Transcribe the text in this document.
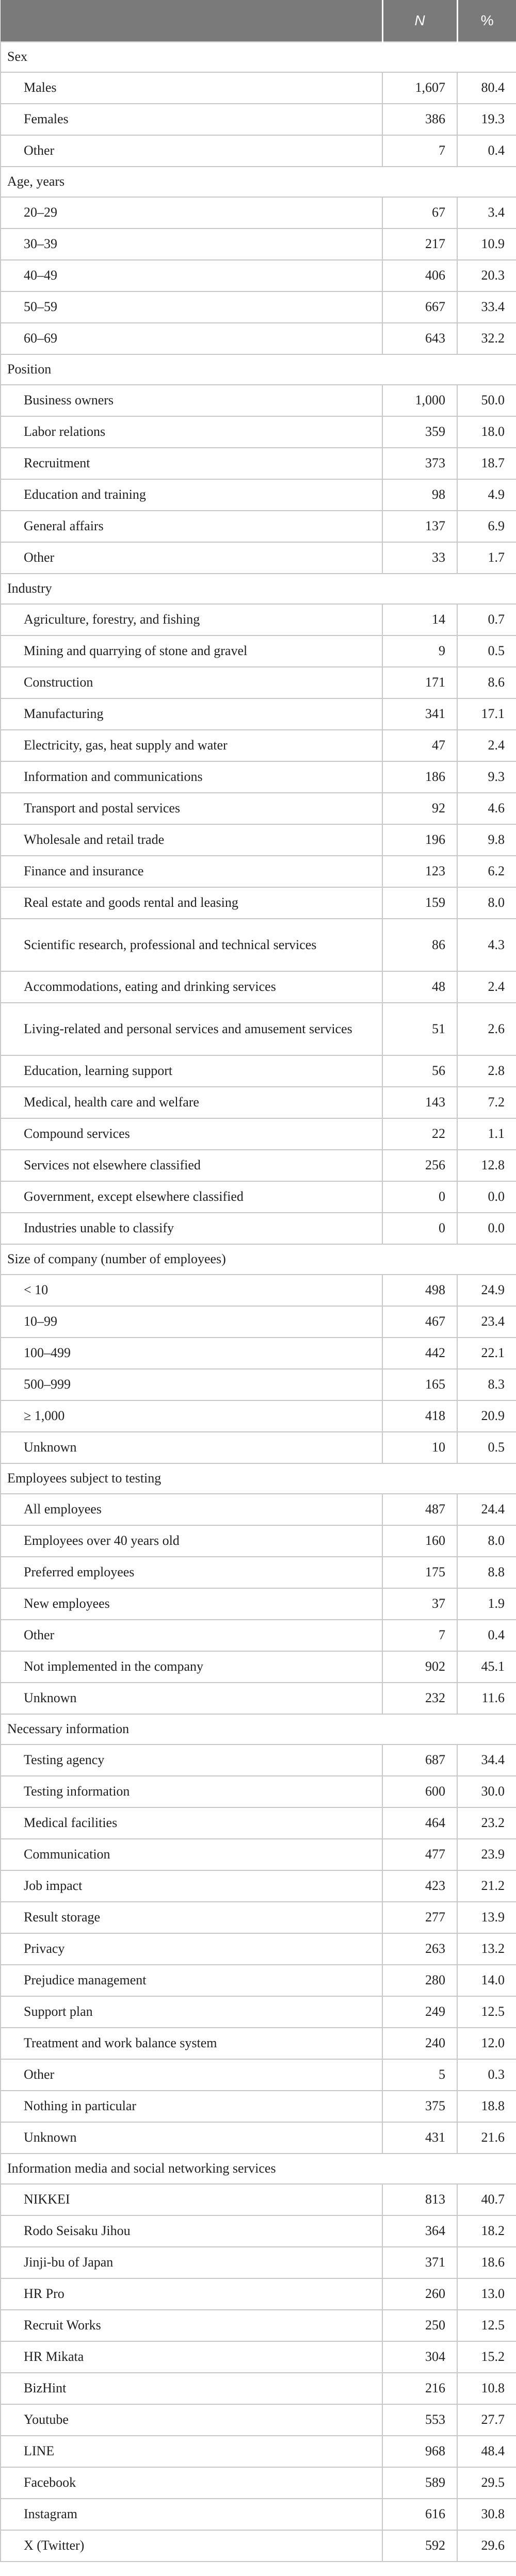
	N	%
Sex		
Males	1,607	80.4
Females	386	19.3
Other	7	0.4
Age, years		
20–29	67	3.4
30–39	217	10.9
40–49	406	20.3
50–59	667	33.4
60–69	643	32.2
Position		
Business owners	1,000	50.0
Labor relations	359	18.0
Recruitment	373	18.7
Education and training	98	4.9
General affairs	137	6.9
Other	33	1.7
Industry		
Agriculture, forestry, and fishing	14	0.7
Mining and quarrying of stone and gravel	9	0.5
Construction	171	8.6
Manufacturing	341	17.1
Electricity, gas, heat supply and water	47	2.4
Information and communications	186	9.3
Transport and postal services	92	4.6
Wholesale and retail trade	196	9.8
Finance and insurance	123	6.2
Real estate and goods rental and leasing	159	8.0
Scientific research, professional and technical services	86	4.3
Accommodations, eating and drinking services	48	2.4
Living-related and personal services and amusement services	51	2.6
Education, learning support	56	2.8
Medical, health care and welfare	143	7.2
Compound services	22	1.1
Services not elsewhere classified	256	12.8
Government, except elsewhere classified	0	0.0
Industries unable to classify	0	0.0
Size of company (number of employees)		
< 10	498	24.9
10–99	467	23.4
100–499	442	22.1
500–999	165	8.3
≥ 1,000	418	20.9
Unknown	10	0.5
Employees subject to testing		
All employees	487	24.4
Employees over 40 years old	160	8.0
Preferred employees	175	8.8
New employees	37	1.9
Other	7	0.4
Not implemented in the company	902	45.1
Unknown	232	11.6
Necessary information		
Testing agency	687	34.4
Testing information	600	30.0
Medical facilities	464	23.2
Communication	477	23.9
Job impact	423	21.2
Result storage	277	13.9
Privacy	263	13.2
Prejudice management	280	14.0
Support plan	249	12.5
Treatment and work balance system	240	12.0
Other	5	0.3
Nothing in particular	375	18.8
Unknown	431	21.6
Information media and social networking services		
NIKKEI	813	40.7
Rodo Seisaku Jihou	364	18.2
Jinji-bu of Japan	371	18.6
HR Pro	260	13.0
Recruit Works	250	12.5
HR Mikata	304	15.2
BizHint	216	10.8
Youtube	553	27.7
LINE	968	48.4
Facebook	589	29.5
Instagram	616	30.8
X (Twitter)	592	29.6
